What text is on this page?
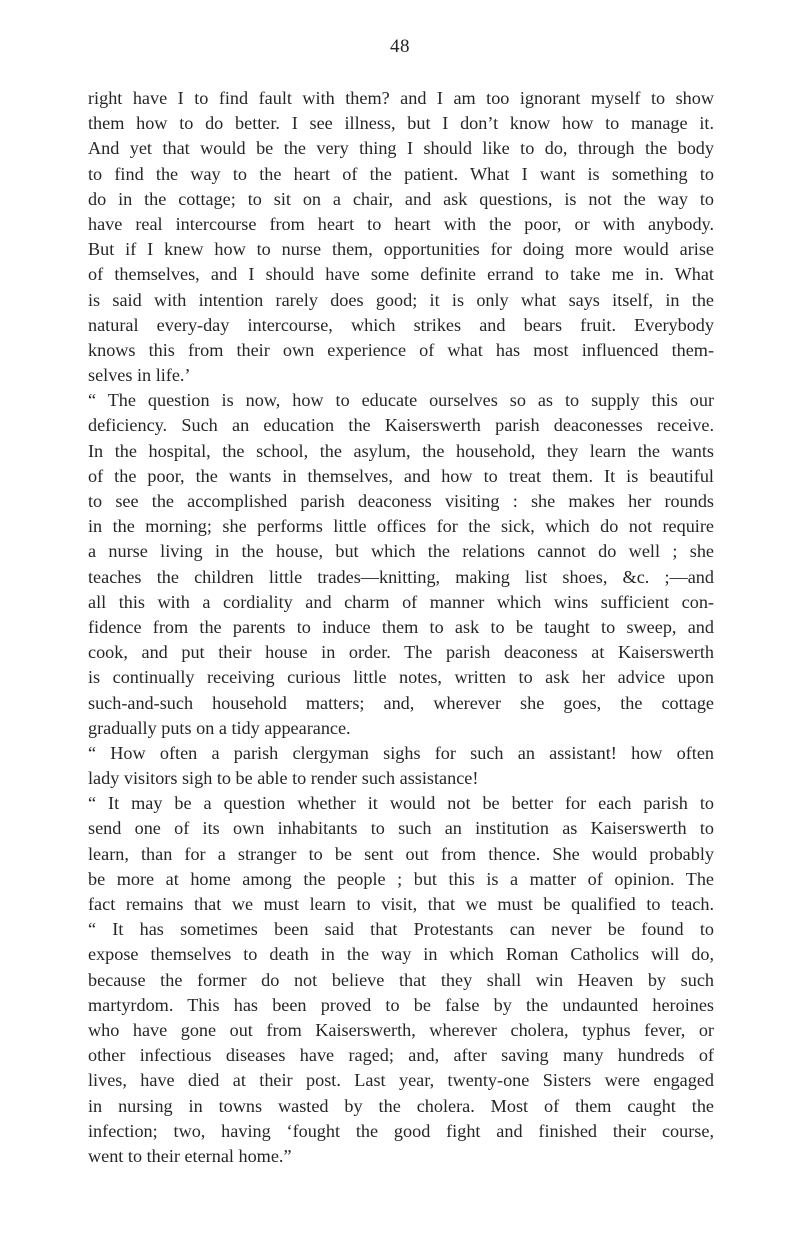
48
right have I to find fault with them? and I am too ignorant myself to show
them how to do better. I see illness, but I don’t know how to manage it.
And yet that would be the very thing I should like to do, through the body
to find the way to the heart of the patient. What I want is something to
do in the cottage; to sit on a chair, and ask questions, is not the way to
have real intercourse from heart to heart with the poor, or with anybody.
But if I knew how to nurse them, opportunities for doing more would arise
of themselves, and I should have some definite errand to take me in. What
is said with intention rarely does good; it is only what says itself, in the
natural every-day intercourse, which strikes and bears fruit. Everybody
knows this from their own experience of what has most influenced them-
selves in life.’
“ The question is now, how to educate ourselves so as to supply this our
deficiency. Such an education the Kaiserswerth parish deaconesses receive.
In the hospital, the school, the asylum, the household, they learn the wants
of the poor, the wants in themselves, and how to treat them. It is beautiful
to see the accomplished parish deaconess visiting : she makes her rounds
in the morning; she performs little offices for the sick, which do not require
a nurse living in the house, but which the relations cannot do well ; she
teaches the children little trades—knitting, making list shoes, &c. ;—and
all this with a cordiality and charm of manner which wins sufficient con-
fidence from the parents to induce them to ask to be taught to sweep, and
cook, and put their house in order. The parish deaconess at Kaiserswerth
is continually receiving curious little notes, written to ask her advice upon
such-and-such household matters; and, wherever she goes, the cottage
gradually puts on a tidy appearance.
“ How often a parish clergyman sighs for such an assistant! how often
lady visitors sigh to be able to render such assistance!
“ It may be a question whether it would not be better for each parish to
send one of its own inhabitants to such an institution as Kaiserswerth to
learn, than for a stranger to be sent out from thence. She would probably
be more at home among the people ; but this is a matter of opinion. The
fact remains that we must learn to visit, that we must be qualified to teach.
“ It has sometimes been said that Protestants can never be found to
expose themselves to death in the way in which Roman Catholics will do,
because the former do not believe that they shall win Heaven by such
martyrdom. This has been proved to be false by the undaunted heroines
who have gone out from Kaiserswerth, wherever cholera, typhus fever, or
other infectious diseases have raged; and, after saving many hundreds of
lives, have died at their post. Last year, twenty-one Sisters were engaged
in nursing in towns wasted by the cholera. Most of them caught the
infection; two, having ‘fought the good fight and finished their course,
went to their eternal home.”
